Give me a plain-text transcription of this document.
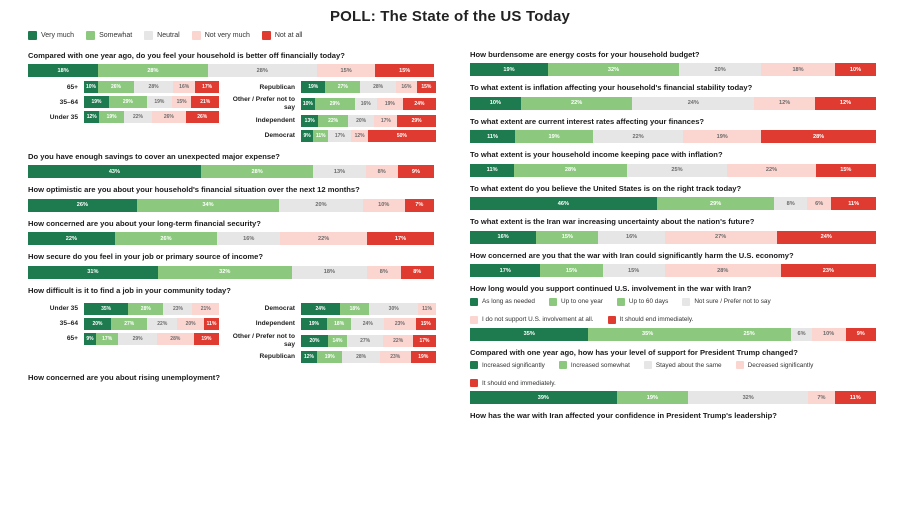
POLL: The State of the US Today
Very much	Somewhat	Neutral	Not very much	Not at all
Compared with one year ago, do you feel your household is better off financially today?
18%	28%	28%	15%	15%
65+	10%	26%	28%	16%	17%
35–64	19%	29%	19%	15%	21%
Under 35	12%	19%	22%	26%	26%
Republican	19%	27%	28%	16%	15%
Other / Prefer not to say	10%	29%	16%	19%	24%
Independent	13%	22%	20%	17%	29%
Democrat	9%	11%	17%	12%	50%
Do you have enough savings to cover an unexpected major expense?
43%	28%	13%	8%	9%
How optimistic are you about your household's financial situation over the next 12 months?
26%	34%	20%	10%	7%
How concerned are you about your long-term financial security?
22%	26%	16%	22%	17%
How secure do you feel in your job or primary source of income?
31%	32%	18%	8%	8%
How difficult is it to find a job in your community today?
Under 35	35%	28%	23%	21%
35–64	20%	27%	22%	20%	11%
65+	9%	17%	29%	28%	19%
Democrat	24%	18%	30%	11%
Independent	19%	18%	24%	23%	15%
Other / Prefer not to say	20%	14%	27%	22%	17%
Republican	12%	19%	28%	23%	19%
How concerned are you about rising unemployment?
How burdensome are energy costs for your household budget?
19%	32%	20%	18%	10%
To what extent is inflation affecting your household's financial stability today?
10%	22%	24%	12%	12%
To what extent are current interest rates affecting your finances?
11%	19%	22%	19%	28%
To what extent is your household income keeping pace with inflation?
11%	28%	25%	22%	15%
To what extent do you believe the United States is on the right track today?
46%	29%	8%	6%	11%
To what extent is the Iran war increasing uncertainty about the nation's future?
16%	15%	16%	27%	24%
How concerned are you that the war with Iran could significantly harm the U.S. economy?
17%	15%	15%	28%	23%
How long would you support continued U.S. involvement in the war with Iran?
As long as needed	Up to one year	Up to 60 days	Not sure / Prefer not to say
I do not support U.S. involvement at all.	It should end immediately.
35%	35%	25%	6%	10%	9%
Compared with one year ago, how has your level of support for President Trump changed?
Increased significantly	Increased somewhat	Stayed about the same	Decreased significantly
It should end immediately.
39%	19%	32%	7%	11%
How has the war with Iran affected your confidence in President Trump's leadership?
